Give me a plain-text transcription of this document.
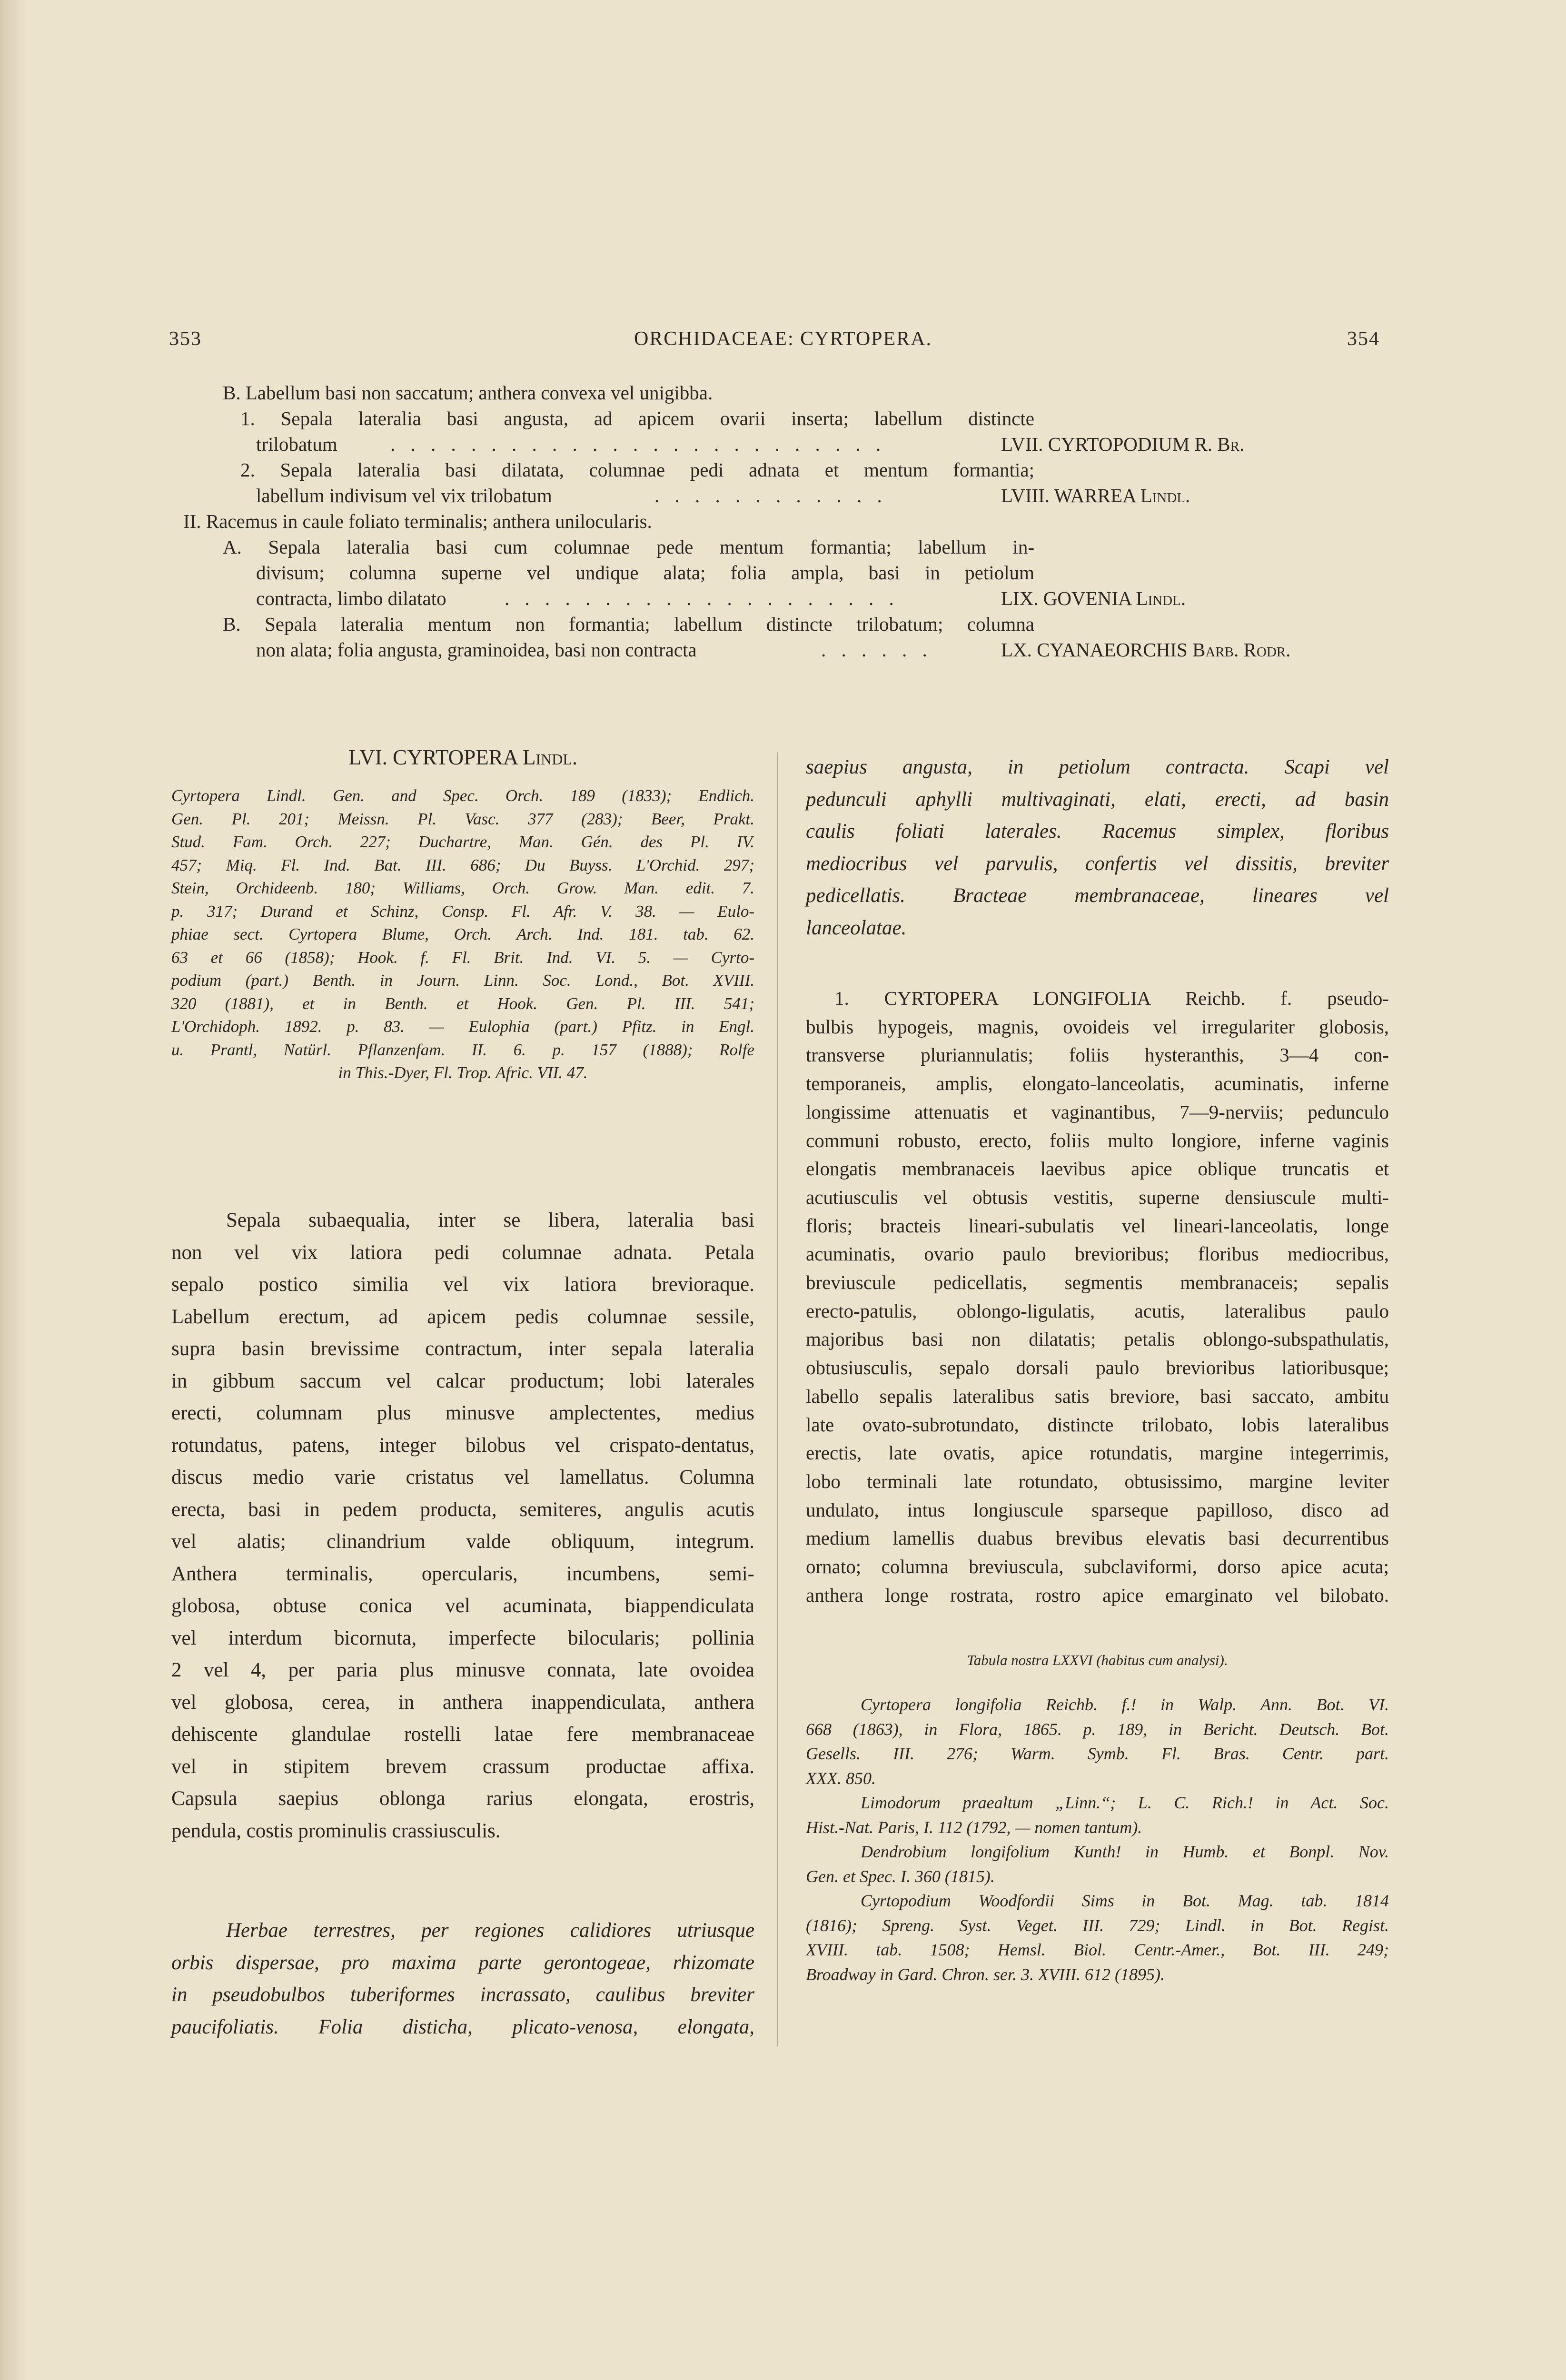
353	ORCHIDACEAE: CYRTOPERA.	354
B. Labellum basi non saccatum; anthera convexa vel unigibba.
1. Sepala lateralia basi angusta, ad apicem ovarii inserta; labellum distincte
trilobatum	. . . . . . . . . . . . . . . . . . . . . . . . .	LVII. CYRTOPODIUM R. Br.
2. Sepala lateralia basi dilatata, columnae pedi adnata et mentum formantia;
labellum indivisum vel vix trilobatum	. . . . . . . . . . . .	LVIII. WARREA Lindl.
II. Racemus in caule foliato terminalis; anthera unilocularis.
A. Sepala lateralia basi cum columnae pede mentum formantia; labellum in-
divisum; columna superne vel undique alata; folia ampla, basi in petiolum
contracta, limbo dilatato	. . . . . . . . . . . . . . . . . . . .	LIX. GOVENIA Lindl.
B. Sepala lateralia mentum non formantia; labellum distincte trilobatum; columna
non alata; folia angusta, graminoidea, basi non contracta	. . . . . .	LX. CYANAEORCHIS Barb. Rodr.
LVI. CYRTOPERA Lindl.

Cyrtopera Lindl. Gen. and Spec. Orch. 189 (1833); Endlich.

Gen. Pl. 201; Meissn. Pl. Vasc. 377 (283); Beer, Prakt.

Stud. Fam. Orch. 227; Duchartre, Man. Gén. des Pl. IV.

457; Miq. Fl. Ind. Bat. III. 686; Du Buyss. L'Orchid. 297;

Stein, Orchideenb. 180; Williams, Orch. Grow. Man. edit. 7.

p. 317; Durand et Schinz, Consp. Fl. Afr. V. 38. — Eulo-

phiae sect. Cyrtopera Blume, Orch. Arch. Ind. 181. tab. 62.

63 et 66 (1858); Hook. f. Fl. Brit. Ind. VI. 5. — Cyrto-

podium (part.) Benth. in Journ. Linn. Soc. Lond., Bot. XVIII.

320 (1881), et in Benth. et Hook. Gen. Pl. III. 541;

L'Orchidoph. 1892. p. 83. — Eulophia (part.) Pfitz. in Engl.

u. Prantl, Natürl. Pflanzenfam. II. 6. p. 157 (1888); Rolfe

in This.-Dyer, Fl. Trop. Afric. VII. 47.

Sepala subaequalia, inter se libera, lateralia basi

non vel vix latiora pedi columnae adnata. Petala

sepalo postico similia vel vix latiora brevioraque.

Labellum erectum, ad apicem pedis columnae sessile,

supra basin brevissime contractum, inter sepala lateralia

in gibbum saccum vel calcar productum; lobi laterales

erecti, columnam plus minusve amplectentes, medius

rotundatus, patens, integer bilobus vel crispato-dentatus,

discus medio varie cristatus vel lamellatus. Columna

erecta, basi in pedem producta, semiteres, angulis acutis

vel alatis; clinandrium valde obliquum, integrum.

Anthera terminalis, opercularis, incumbens, semi-

globosa, obtuse conica vel acuminata, biappendiculata

vel interdum bicornuta, imperfecte bilocularis; pollinia

2 vel 4, per paria plus minusve connata, late ovoidea

vel globosa, cerea, in anthera inappendiculata, anthera

dehiscente glandulae rostelli latae fere membranaceae

vel in stipitem brevem crassum productae affixa.

Capsula saepius oblonga rarius elongata, erostris,

pendula, costis prominulis crassiusculis.

Herbae terrestres, per regiones calidiores utriusque

orbis dispersae, pro maxima parte gerontogeae, rhizomate

in pseudobulbos tuberiformes incrassato, caulibus breviter

paucifoliatis. Folia disticha, plicato-venosa, elongata,

saepius angusta, in petiolum contracta. Scapi vel

pedunculi aphylli multivaginati, elati, erecti, ad basin

caulis foliati laterales. Racemus simplex, floribus

mediocribus vel parvulis, confertis vel dissitis, breviter

pedicellatis. Bracteae membranaceae, lineares vel

lanceolatae.

1. CYRTOPERA LONGIFOLIA Reichb. f. pseudo-

bulbis hypogeis, magnis, ovoideis vel irregulariter globosis,

transverse pluriannulatis; foliis hysteranthis, 3—4 con-

temporaneis, amplis, elongato-lanceolatis, acuminatis, inferne

longissime attenuatis et vaginantibus, 7—9-nerviis; pedunculo

communi robusto, erecto, foliis multo longiore, inferne vaginis

elongatis membranaceis laevibus apice oblique truncatis et

acutiusculis vel obtusis vestitis, superne densiuscule multi-

floris; bracteis lineari-subulatis vel lineari-lanceolatis, longe

acuminatis, ovario paulo brevioribus; floribus mediocribus,

breviuscule pedicellatis, segmentis membranaceis; sepalis

erecto-patulis, oblongo-ligulatis, acutis, lateralibus paulo

majoribus basi non dilatatis; petalis oblongo-subspathulatis,

obtusiusculis, sepalo dorsali paulo brevioribus latioribusque;

labello sepalis lateralibus satis breviore, basi saccato, ambitu

late ovato-subrotundato, distincte trilobato, lobis lateralibus

erectis, late ovatis, apice rotundatis, margine integerrimis,

lobo terminali late rotundato, obtusissimo, margine leviter

undulato, intus longiuscule sparseque papilloso, disco ad

medium lamellis duabus brevibus elevatis basi decurrentibus

ornato; columna breviuscula, subclaviformi, dorso apice acuta;

anthera longe rostrata, rostro apice emarginato vel bilobato.

Tabula nostra LXXVI (habitus cum analysi).

Cyrtopera longifolia Reichb. f.! in Walp. Ann. Bot. VI.

668 (1863), in Flora, 1865. p. 189, in Bericht. Deutsch. Bot.

Gesells. III. 276; Warm. Symb. Fl. Bras. Centr. part.

XXX. 850.

Limodorum praealtum „Linn.“; L. C. Rich.! in Act. Soc.

Hist.-Nat. Paris, I. 112 (1792, — nomen tantum).

Dendrobium longifolium Kunth! in Humb. et Bonpl. Nov.

Gen. et Spec. I. 360 (1815).

Cyrtopodium Woodfordii Sims in Bot. Mag. tab. 1814

(1816); Spreng. Syst. Veget. III. 729; Lindl. in Bot. Regist.

XVIII. tab. 1508; Hemsl. Biol. Centr.-Amer., Bot. III. 249;

Broadway in Gard. Chron. ser. 3. XVIII. 612 (1895).
